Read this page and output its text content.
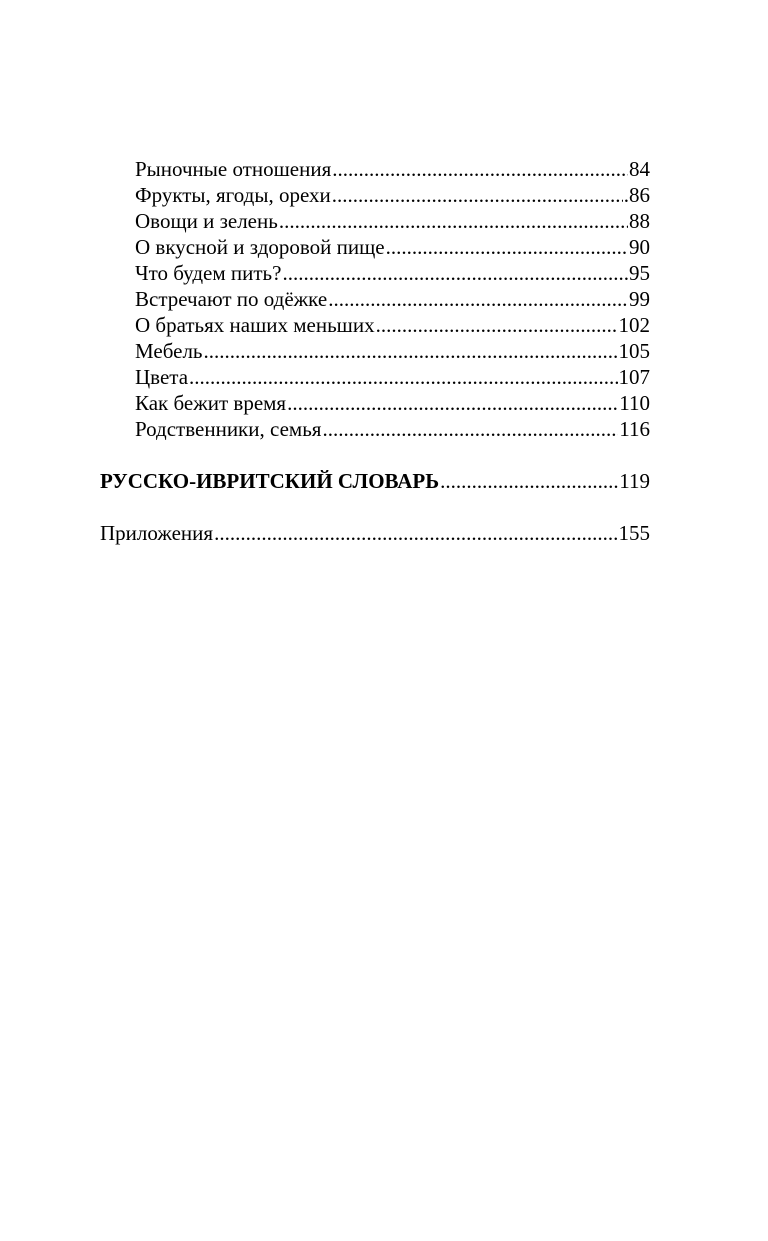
Рыночные отношения .....	84
Фрукты, ягоды, орехи .....	.86
Овощи и зелень .....	88
О вкусной и здоровой пище .....	90
Что будем пить? .....	95
Встречают по одёжке .....	99
О братьях наших меньших .....	102
Мебель .....	105
Цвета .....	107
Как бежит время .....	110
Родственники, семья .....	116
РУССКО-ИВРИТСКИЙ СЛОВАРЬ .....	119
Приложения .....	155
